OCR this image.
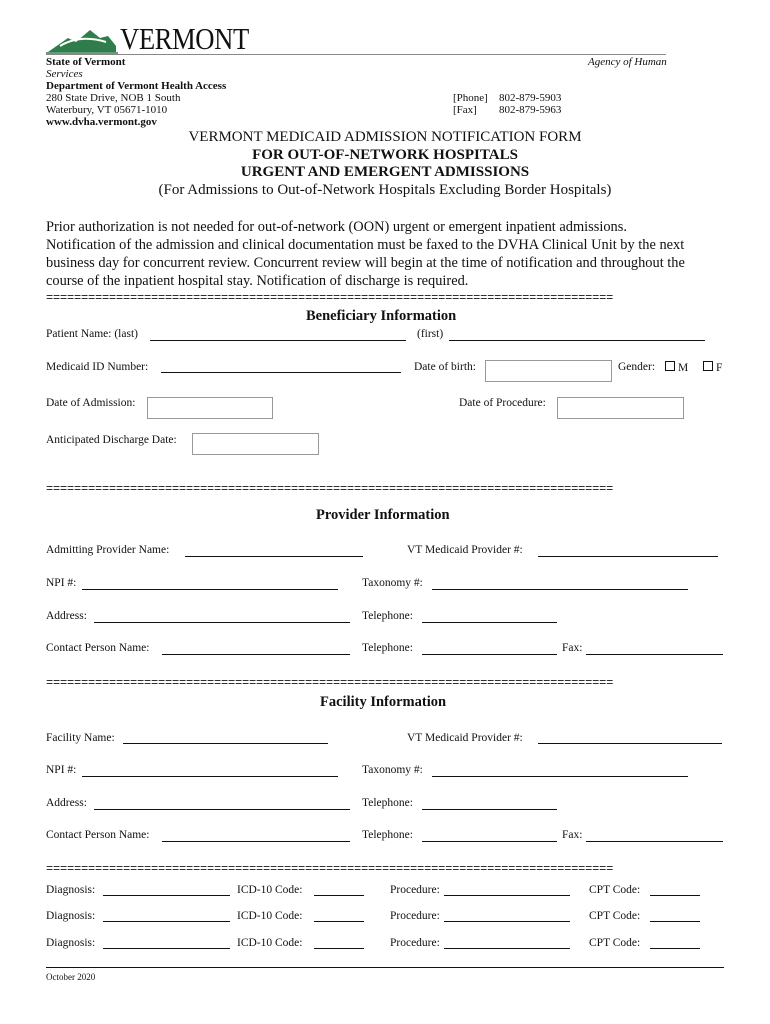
VERMONT
State of Vermont	Agency of Human
Services
Department of Vermont Health Access
280 State Drive, NOB 1 South
Waterbury, VT 05671-1010
www.dvha.vermont.gov
[Phone] 802-879-5903
[Fax] 802-879-5963
VERMONT MEDICAID ADMISSION NOTIFICATION FORM
FOR OUT-OF-NETWORK HOSPITALS
URGENT AND EMERGENT ADMISSIONS
(For Admissions to Out-of-Network Hospitals Excluding Border Hospitals)
Prior authorization is not needed for out-of-network (OON) urgent or emergent inpatient admissions.
Notification of the admission and clinical documentation must be faxed to the DVHA Clinical Unit by the next
business day for concurrent review. Concurrent review will begin at the time of notification and throughout the
course of the inpatient hospital stay. Notification of discharge is required.
=================================================================================
Beneficiary Information
Patient Name: (last)	(first)
Medicaid ID Number:	Date of birth:	Gender:	M	F
Date of Admission:	Date of Procedure:
Anticipated Discharge Date:
=================================================================================
Provider Information
Admitting Provider Name:	VT Medicaid Provider #:
NPI #:	Taxonomy #:
Address:	Telephone:
Contact Person Name:	Telephone:	Fax:
=================================================================================
Facility Information
Facility Name:	VT Medicaid Provider #:
NPI #:	Taxonomy #:
Address:	Telephone:
Contact Person Name:	Telephone:	Fax:
=================================================================================
Diagnosis:	ICD-10 Code:	Procedure:	CPT Code:
Diagnosis:	ICD-10 Code:	Procedure:	CPT Code:
Diagnosis:	ICD-10 Code:	Procedure:	CPT Code:
October 2020
